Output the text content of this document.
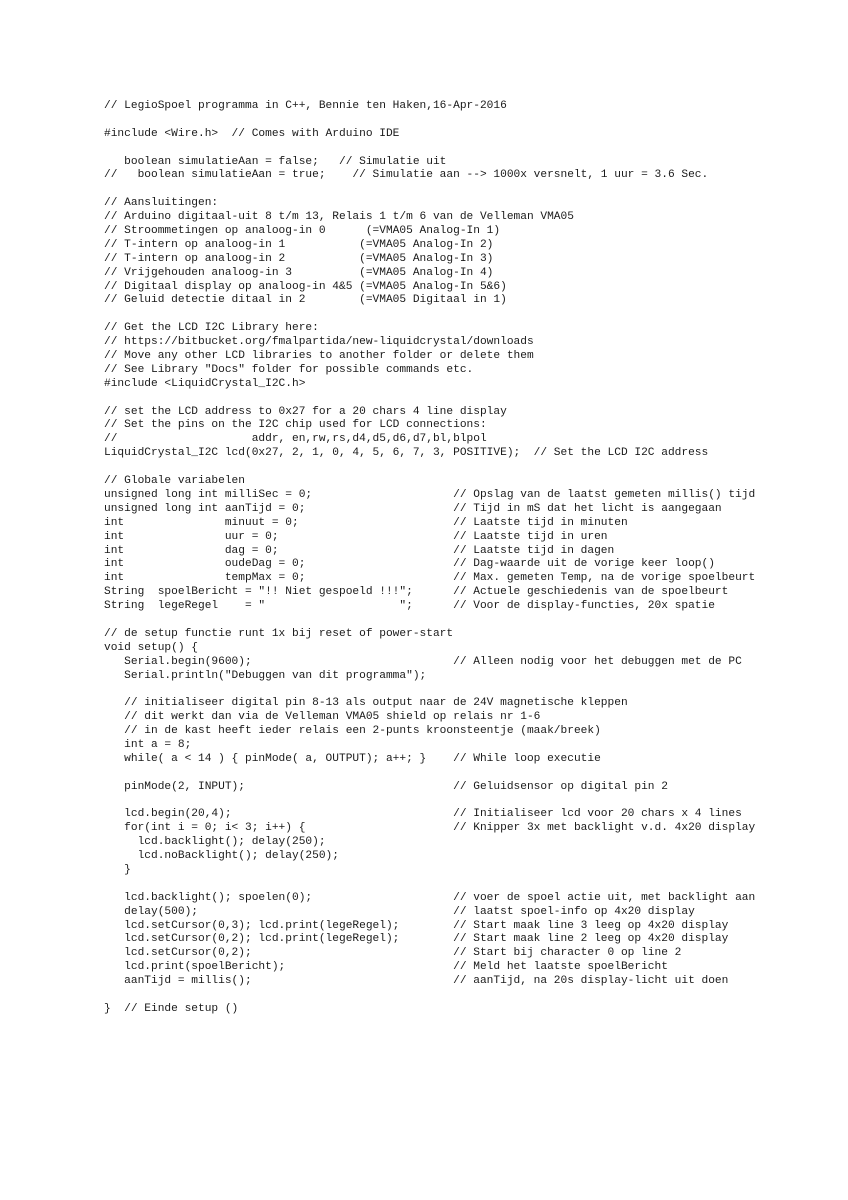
// LegioSpoel programma in C++, Bennie ten Haken,16-Apr-2016
#include <Wire.h>  // Comes with Arduino IDE
boolean simulatieAan = false;   // Simulatie uit
//   boolean simulatieAan = true;    // Simulatie aan --> 1000x versnelt, 1 uur = 3.6 Sec.
// Aansluitingen:
// Arduino digitaal-uit 8 t/m 13, Relais 1 t/m 6 van de Velleman VMA05
// Stroommetingen op analoog-in 0      (=VMA05 Analog-In 1)
// T-intern op analoog-in 1           (=VMA05 Analog-In 2)
// T-intern op analoog-in 2           (=VMA05 Analog-In 3)
// Vrijgehouden analoog-in 3          (=VMA05 Analog-In 4)
// Digitaal display op analoog-in 4&5 (=VMA05 Analog-In 5&6)
// Geluid detectie ditaal in 2        (=VMA05 Digitaal in 1)
// Get the LCD I2C Library here:
// https://bitbucket.org/fmalpartida/new-liquidcrystal/downloads
// Move any other LCD libraries to another folder or delete them
// See Library "Docs" folder for possible commands etc.
#include <LiquidCrystal_I2C.h>
// set the LCD address to 0x27 for a 20 chars 4 line display
// Set the pins on the I2C chip used for LCD connections:
//                    addr, en,rw,rs,d4,d5,d6,d7,bl,blpol
LiquidCrystal_I2C lcd(0x27, 2, 1, 0, 4, 5, 6, 7, 3, POSITIVE);  // Set the LCD I2C address
// Globale variabelen
unsigned long int milliSec = 0;                     // Opslag van de laatst gemeten millis() tijd
unsigned long int aanTijd = 0;                      // Tijd in mS dat het licht is aangegaan
int               minuut = 0;                       // Laatste tijd in minuten
int               uur = 0;                          // Laatste tijd in uren
int               dag = 0;                          // Laatste tijd in dagen
int               oudeDag = 0;                      // Dag-waarde uit de vorige keer loop()
int               tempMax = 0;                      // Max. gemeten Temp, na de vorige spoelbeurt
String  spoelBericht = "!! Niet gespoeld !!!";      // Actuele geschiedenis van de spoelbeurt
String  legeRegel    = "                    ";      // Voor de display-functies, 20x spatie
// de setup functie runt 1x bij reset of power-start
void setup() {
Serial.begin(9600);                              // Alleen nodig voor het debuggen met de PC
Serial.println("Debuggen van dit programma");
// initialiseer digital pin 8-13 als output naar de 24V magnetische kleppen
// dit werkt dan via de Velleman VMA05 shield op relais nr 1-6
// in de kast heeft ieder relais een 2-punts kroonsteentje (maak/breek)
int a = 8;
while( a < 14 ) { pinMode( a, OUTPUT); a++; }    // While loop executie
pinMode(2, INPUT);                               // Geluidsensor op digital pin 2
lcd.begin(20,4);                                 // Initialiseer lcd voor 20 chars x 4 lines
for(int i = 0; i< 3; i++) {                      // Knipper 3x met backlight v.d. 4x20 display
lcd.backlight(); delay(250);
lcd.noBacklight(); delay(250);
}
lcd.backlight(); spoelen(0);                     // voer de spoel actie uit, met backlight aan
delay(500);                                      // laatst spoel-info op 4x20 display
lcd.setCursor(0,3); lcd.print(legeRegel);        // Start maak line 3 leeg op 4x20 display
lcd.setCursor(0,2); lcd.print(legeRegel);        // Start maak line 2 leeg op 4x20 display
lcd.setCursor(0,2);                              // Start bij character 0 op line 2
lcd.print(spoelBericht);                         // Meld het laatste spoelBericht
aanTijd = millis();                              // aanTijd, na 20s display-licht uit doen
}  // Einde setup ()
